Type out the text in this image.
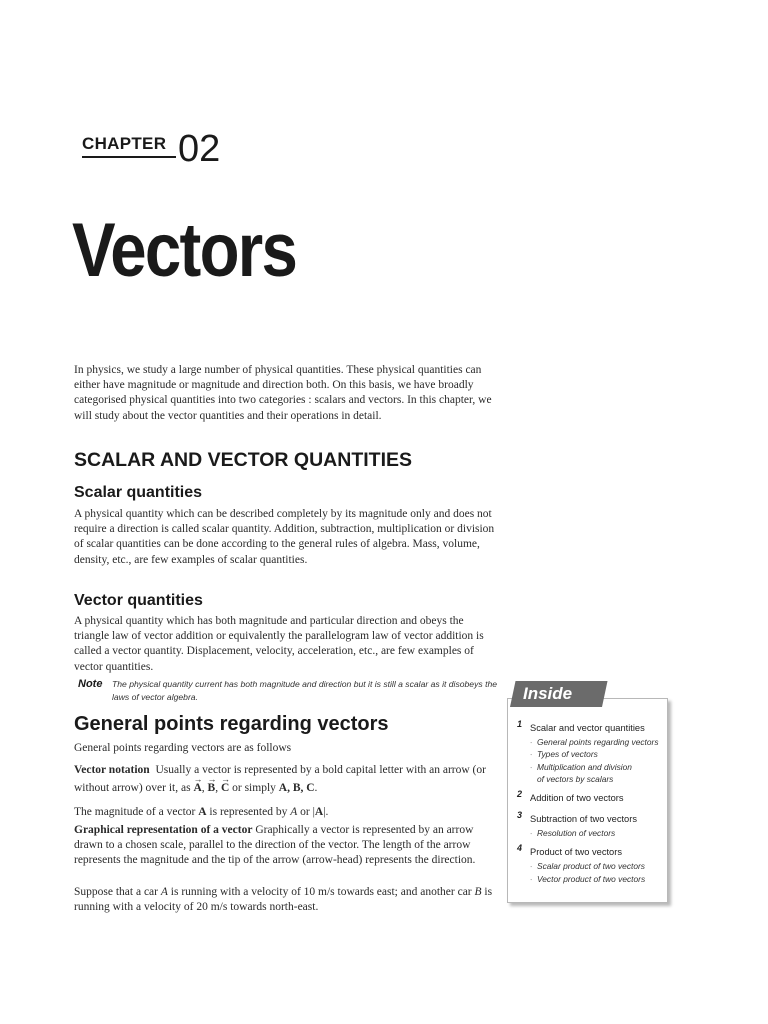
CHAPTER 02
Vectors

In physics, we study a large number of physical quantities. These physical quantities can either have magnitude or magnitude and direction both. On this basis, we have broadly categorised physical quantities into two categories : scalars and vectors. In this chapter, we will study about the vector quantities and their operations in detail.

SCALAR AND VECTOR QUANTITIES
Scalar quantities

A physical quantity which can be described completely by its magnitude only and does not require a direction is called scalar quantity. Addition, subtraction, multiplication or division of scalar quantities can be done according to the general rules of algebra. Mass, volume, density, etc., are few examples of scalar quantities.

Vector quantities

A physical quantity which has both magnitude and particular direction and obeys the triangle law of vector addition or equivalently the parallelogram law of vector addition is called a vector quantity. Displacement, velocity, acceleration, etc., are few examples of vector quantities.

Note The physical quantity current has both magnitude and direction but it is still a scalar as it disobeys the laws of vector algebra.

General points regarding vectors

General points regarding vectors are as follows

Vector notation Usually a vector is represented by a bold capital letter with an arrow (or without arrow) over it, as → A, → B, → C or simply A, B, C.

The magnitude of a vector A is represented by A or |A|.

Graphical representation of a vector Graphically a vector is represented by an arrow drawn to a chosen scale, parallel to the direction of the vector. The length of the arrow represents the magnitude and the tip of the arrow (arrow-head) represents the direction.

Suppose that a car A is running with a velocity of 10 m/s towards east; and another car B is running with a velocity of 20 m/s towards north-east.

1 Scalar and vector quantities
∙ General points regarding vectors
∙ Types of vectors
∙ Multiplication and division
of vectors by scalars
2 Addition of two vectors
3 Subtraction of two vectors
∙ Resolution of vectors
4 Product of two vectors
∙ Scalar product of two vectors
∙ Vector product of two vectors
Inside
